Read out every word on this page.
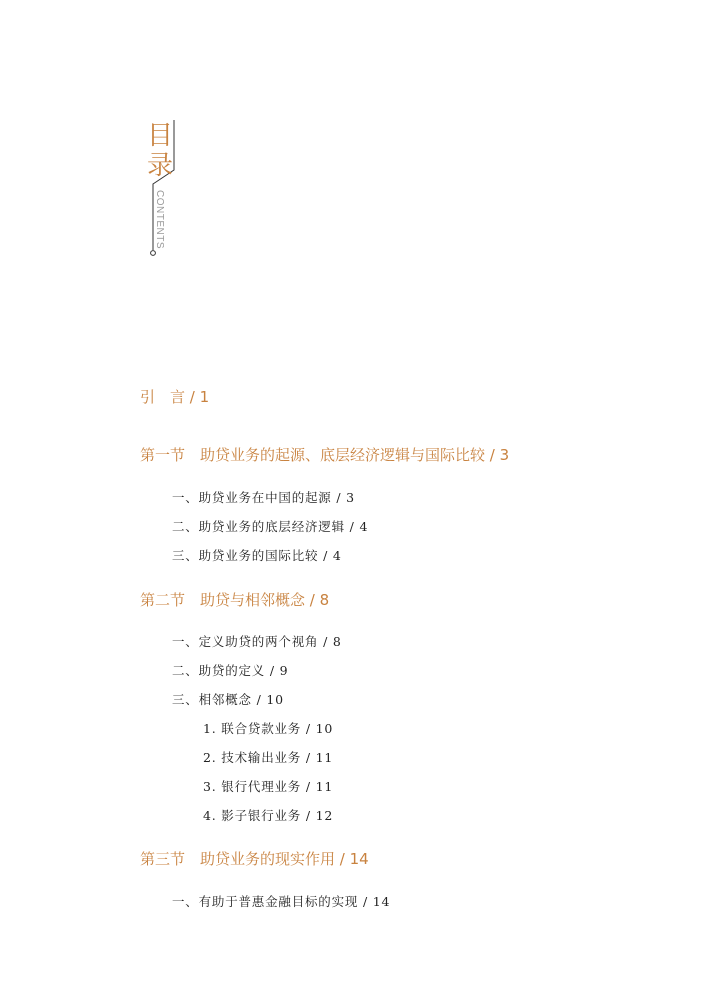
目
录
CONTENTS
引　言 / 1
第一节　助贷业务的起源、底层经济逻辑与国际比较 / 3
一、助贷业务在中国的起源 / 3
二、助贷业务的底层经济逻辑 / 4
三、助贷业务的国际比较 / 4
第二节　助贷与相邻概念 / 8
一、定义助贷的两个视角 / 8
二、助贷的定义 / 9
三、相邻概念 / 10
1. 联合贷款业务 / 10
2. 技术输出业务 / 11
3. 银行代理业务 / 11
4. 影子银行业务 / 12
第三节　助贷业务的现实作用 / 14
一、有助于普惠金融目标的实现 / 14
